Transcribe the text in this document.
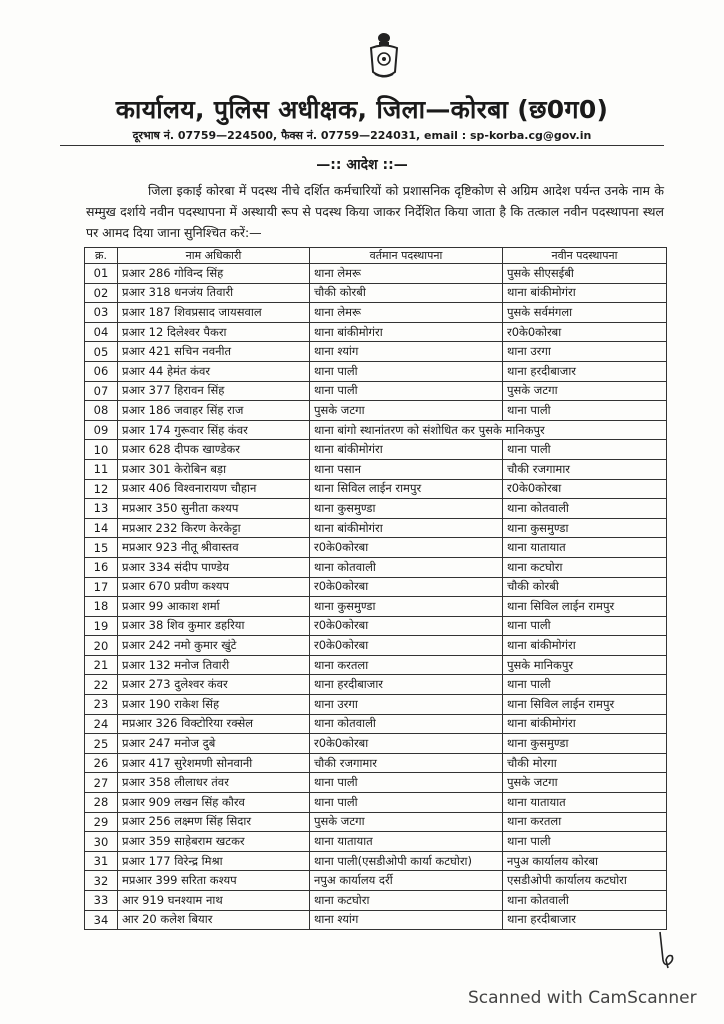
कार्यालय, पुलिस अधीक्षक, जिला—कोरबा (छ0ग0)
दूरभाष नं. 07759—224500, फैक्स नं. 07759—224031, email : sp-korba.cg@gov.in
—:: आदेश ::—
जिला इकाई कोरबा में पदस्थ नीचे दर्शित कर्मचारियों को प्रशासनिक दृष्टिकोण से अग्रिम आदेश पर्यन्त उनके नाम के सम्मुख दर्शाये नवीन पदस्थापना में अस्थायी रूप से पदस्थ किया जाकर निर्देशित किया जाता है कि तत्काल नवीन पदस्थापना स्थल पर आमद दिया जाना सुनिश्चित करें:—
क्र.	नाम अधिकारी	वर्तमान पदस्थापना	नवीन पदस्थापना
01	प्रआर 286 गोविन्द सिंह	थाना लेमरू	पुसके सीएसईबी
02	प्रआर 318 धनजंय तिवारी	चौकी कोरबी	थाना बांकीमोगंरा
03	प्रआर 187 शिवप्रसाद जायसवाल	थाना लेमरू	पुसके सर्वमंगला
04	प्रआर 12 दिलेश्वर पैकरा	थाना बांकीमोगंरा	र0के0कोरबा
05	प्रआर 421 सचिन नवनीत	थाना श्यांग	थाना उरगा
06	प्रआर 44 हेमंत कंवर	थाना पाली	थाना हरदीबाजार
07	प्रआर 377 हिरावन सिंह	थाना पाली	पुसके जटगा
08	प्रआर 186 जवाहर सिंह राज	पुसके जटगा	थाना पाली
09	प्रआर 174 गुरूवार सिंह कंवर	थाना बांगो स्थानांतरण को संशोधित कर पुसके मानिकपुर	
10	प्रआर 628 दीपक खाण्डेकर	थाना बांकीमोगंरा	थाना पाली
11	प्रआर 301 केरोबिन बड़ा	थाना पसान	चौकी रजगामार
12	प्रआर 406 विश्वनारायण चौहान	थाना सिविल लाईन रामपुर	र0के0कोरबा
13	मप्रआर 350 सुनीता कश्यप	थाना कुसमुण्डा	थाना कोतवाली
14	मप्रआर 232 किरण केरकेट्टा	थाना बांकीमोगंरा	थाना कुसमुण्डा
15	मप्रआर 923 नीतू श्रीवास्तव	र0के0कोरबा	थाना यातायात
16	प्रआर 334 संदीप पाण्डेय	थाना कोतवाली	थाना कटघोरा
17	प्रआर 670 प्रवीण कश्यप	र0के0कोरबा	चौकी कोरबी
18	प्रआर 99 आकाश शर्मा	थाना कुसमुण्डा	थाना सिविल लाईन रामपुर
19	प्रआर 38 शिव कुमार डहरिया	र0के0कोरबा	थाना पाली
20	प्रआर 242 नमो कुमार खुंटे	र0के0कोरबा	थाना बांकीमोगंरा
21	प्रआर 132 मनोज तिवारी	थाना करतला	पुसके मानिकपुर
22	प्रआर 273 दुलेश्वर कंवर	थाना हरदीबाजार	थाना पाली
23	प्रआर 190 राकेश सिंह	थाना उरगा	थाना सिविल लाईन रामपुर
24	मप्रआर 326 विक्टोरिया रक्सेल	थाना कोतवाली	थाना बांकीमोगंरा
25	प्रआर 247 मनोज दुबे	र0के0कोरबा	थाना कुसमुण्डा
26	प्रआर 417 सुरेशमणी सोनवानी	चौकी रजगामार	चौकी मोरगा
27	प्रआर 358 लीलाधर तंवर	थाना पाली	पुसके जटगा
28	प्रआर 909 लखन सिंह कौरव	थाना पाली	थाना यातायात
29	प्रआर 256 लक्ष्मण सिंह सिदार	पुसके जटगा	थाना करतला
30	प्रआर 359 साहेबराम खटकर	थाना यातायात	थाना पाली
31	प्रआर 177 विरेन्द्र मिश्रा	थाना पाली(एसडीओपी कार्या कटघोरा)	नपुअ कार्यालय कोरबा
32	मप्रआर 399 सरिता कश्यप	नपुअ कार्यालय दर्री	एसडीओपी कार्यालय कटघोरा
33	आर 919 घनश्याम नाथ	थाना कटघोरा	थाना कोतवाली
34	आर 20 कलेश बियार	थाना श्यांग	थाना हरदीबाजार
Scanned with CamScanner
